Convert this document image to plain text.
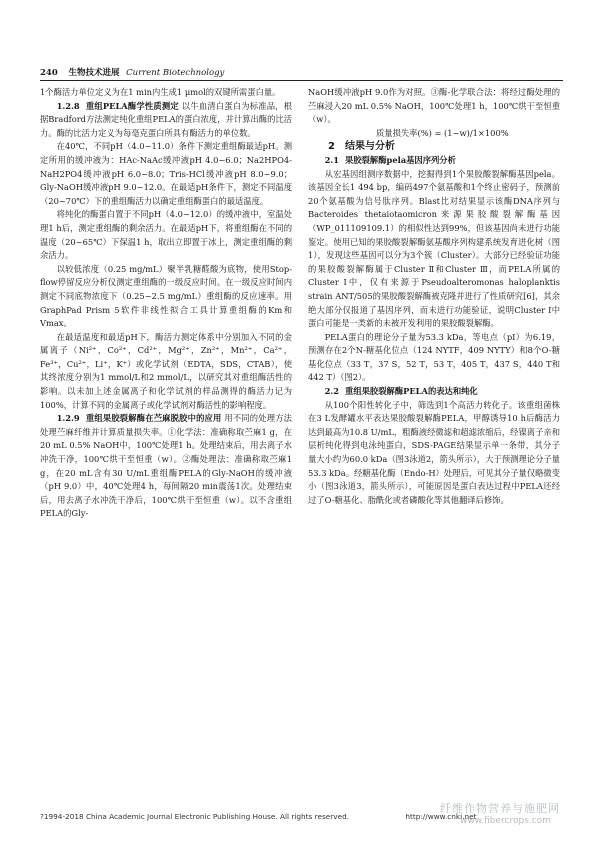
240 生物技术进展 Current Biotechnology

1个酶活力单位定义为在1 min内生成1 μmol的双键所需蛋白量。

1.2.8 重组PELA酶学性质测定 以牛血清白蛋白为标准品，根据Bradford方法测定纯化重组PELA的蛋白浓度，并计算出酶的比活力。酶的比活力定义为每毫克蛋白所具有酶活力的单位数。

在40℃，不同pH（4.0~11.0）条件下测定重组酶最适pH。测定所用的缓冲液为：HAc-NaAc缓冲液pH 4.0~6.0；Na2HPO4-NaH2PO4缓冲液pH 6.0~8.0；Tris-HCl缓冲液pH 8.0~9.0；Gly-NaOH缓冲液pH 9.0~12.0。在最适pH条件下，测定不同温度（20~70℃）下的重组酶活力以确定重组酶蛋白的最适温度。

将纯化的酶蛋白置于不同pH（4.0~12.0）的缓冲液中，室温处理1 h后，测定重组酶的剩余活力。在最适pH下，将重组酶在不同的温度（20~65℃）下保温1 h，取出立即置于冰上，测定重组酶的剩余活力。

以较低浓度（0.25 mg/mL）聚半乳糖醛酸为底物，使用Stop-flow停留反应分析仪测定重组酶的一级反应时间。在一级反应时间内测定不同底物浓度下（0.25~2.5 mg/mL）重组酶的反应速率。用GraphPad Prism 5软件非线性拟合工具计算重组酶的Km和Vmax。

在最适温度和最适pH下，酶活力测定体系中分别加入不同的金属离子（Ni²⁺，Co²⁺，Cd²⁺，Mg²⁺，Zn²⁺，Mn²⁺，Ca²⁺，Fe³⁺，Cu²⁺，Li⁺，K⁺）或化学试剂（EDTA，SDS，CTAB），使其终浓度分别为1 mmol/L和2 mmol/L，以研究其对重组酶活性的影响。以未加上述金属离子和化学试剂的样品测得的酶活力记为100%，计算不同的金属离子或化学试剂对酶活性的影响程度。

1.2.9 重组果胶裂解酶在苎麻脱胶中的应用 用不同的处理方法处理苎麻纤维并计算质量损失率。①化学法：准确称取苎麻1 g，在20 mL 0.5% NaOH中，100℃处理1 h。处理结束后，用去离子水冲洗干净，100℃烘干至恒重（w）。②酶处理法：准确称取苎麻1 g，在20 mL含有30 U/mL重组酶PELA的Gly-NaOH的缓冲液（pH 9.0）中，40℃处理4 h，每间隔20 min震荡1次。处理结束后，用去离子水冲洗干净后，100℃烘干至恒重（w）。以不含重组PELA的Gly-

NaOH缓冲液pH 9.0作为对照。③酶-化学联合法：将经过酶处理的苎麻浸入20 mL 0.5% NaOH，100℃处理1 h，100℃烘干至恒重（w）。

质量损失率(%) = (1−w)/1×100%

2 结果与分析

2.1 果胶裂解酶pela基因序列分析

从宏基因组测序数据中，挖掘得到1个果胶酸裂解酶基因pela。该基因全长1 494 bp，编码497个氨基酸和1个终止密码子，预测前20个氨基酸为信号肽序列。Blast比对结果显示该酶DNA序列与Bacteroides thetaiotaomicron来源果胶酸裂解酶基因（WP_011109109.1）的相似性达到99%，但该基因尚未进行功能鉴定。使用已知的果胶酸裂解酶氨基酸序列构建系统发育进化树（图1），发现这些基因可以分为3个簇（Cluster）。大部分已经验证功能的果胶酸裂解酶属于Cluster Ⅱ和Cluster Ⅲ，而PELA所属的Cluster Ⅰ中，仅有来源于Pseudoalteromonas haloplanktis strain ANT/505的果胶酸裂解酶被克隆并进行了性质研究[6]，其余绝大部分仅报道了基因序列，而未进行功能验证，说明Cluster Ⅰ中蛋白可能是一类新的未被开发利用的果胶酸裂解酶。

PELA蛋白的理论分子量为53.3 kDa，等电点（pI）为6.19，预测存在2个N-糖基化位点（124 NYTF，409 NYTY）和8个O-糖基化位点（33 T，37 S，52 T，53 T，405 T，437 S，440 T和442 T）（图2）。

2.2 重组果胶裂解酶PELA的表达和纯化

从100个阳性转化子中，筛选到1个高活力转化子。该重组菌株在3 L发酵罐水平表达果胶酸裂解酶PELA，甲醇诱导10 h后酶活力达到最高为10.8 U/mL，粗酶液经微滤和超滤浓缩后，经镍离子亲和层析纯化得到电泳纯蛋白，SDS-PAGE结果显示单一条带，其分子量大小约为60.0 kDa（图3泳道2，箭头所示），大于预测理论分子量53.3 kDa。经糖基化酶（Endo-H）处理后，可见其分子量仅略微变小（图3泳道3，箭头所示），可能原因是蛋白表达过程中PELA还经过了O-糖基化、脂酰化或者磷酸化等其他翻译后修饰。

纤维作物营养与施肥网
www.fibercrops.com
?1994-2018 China Academic Journal Electronic Publishing House. All rights reserved.	http://www.cnki.net
